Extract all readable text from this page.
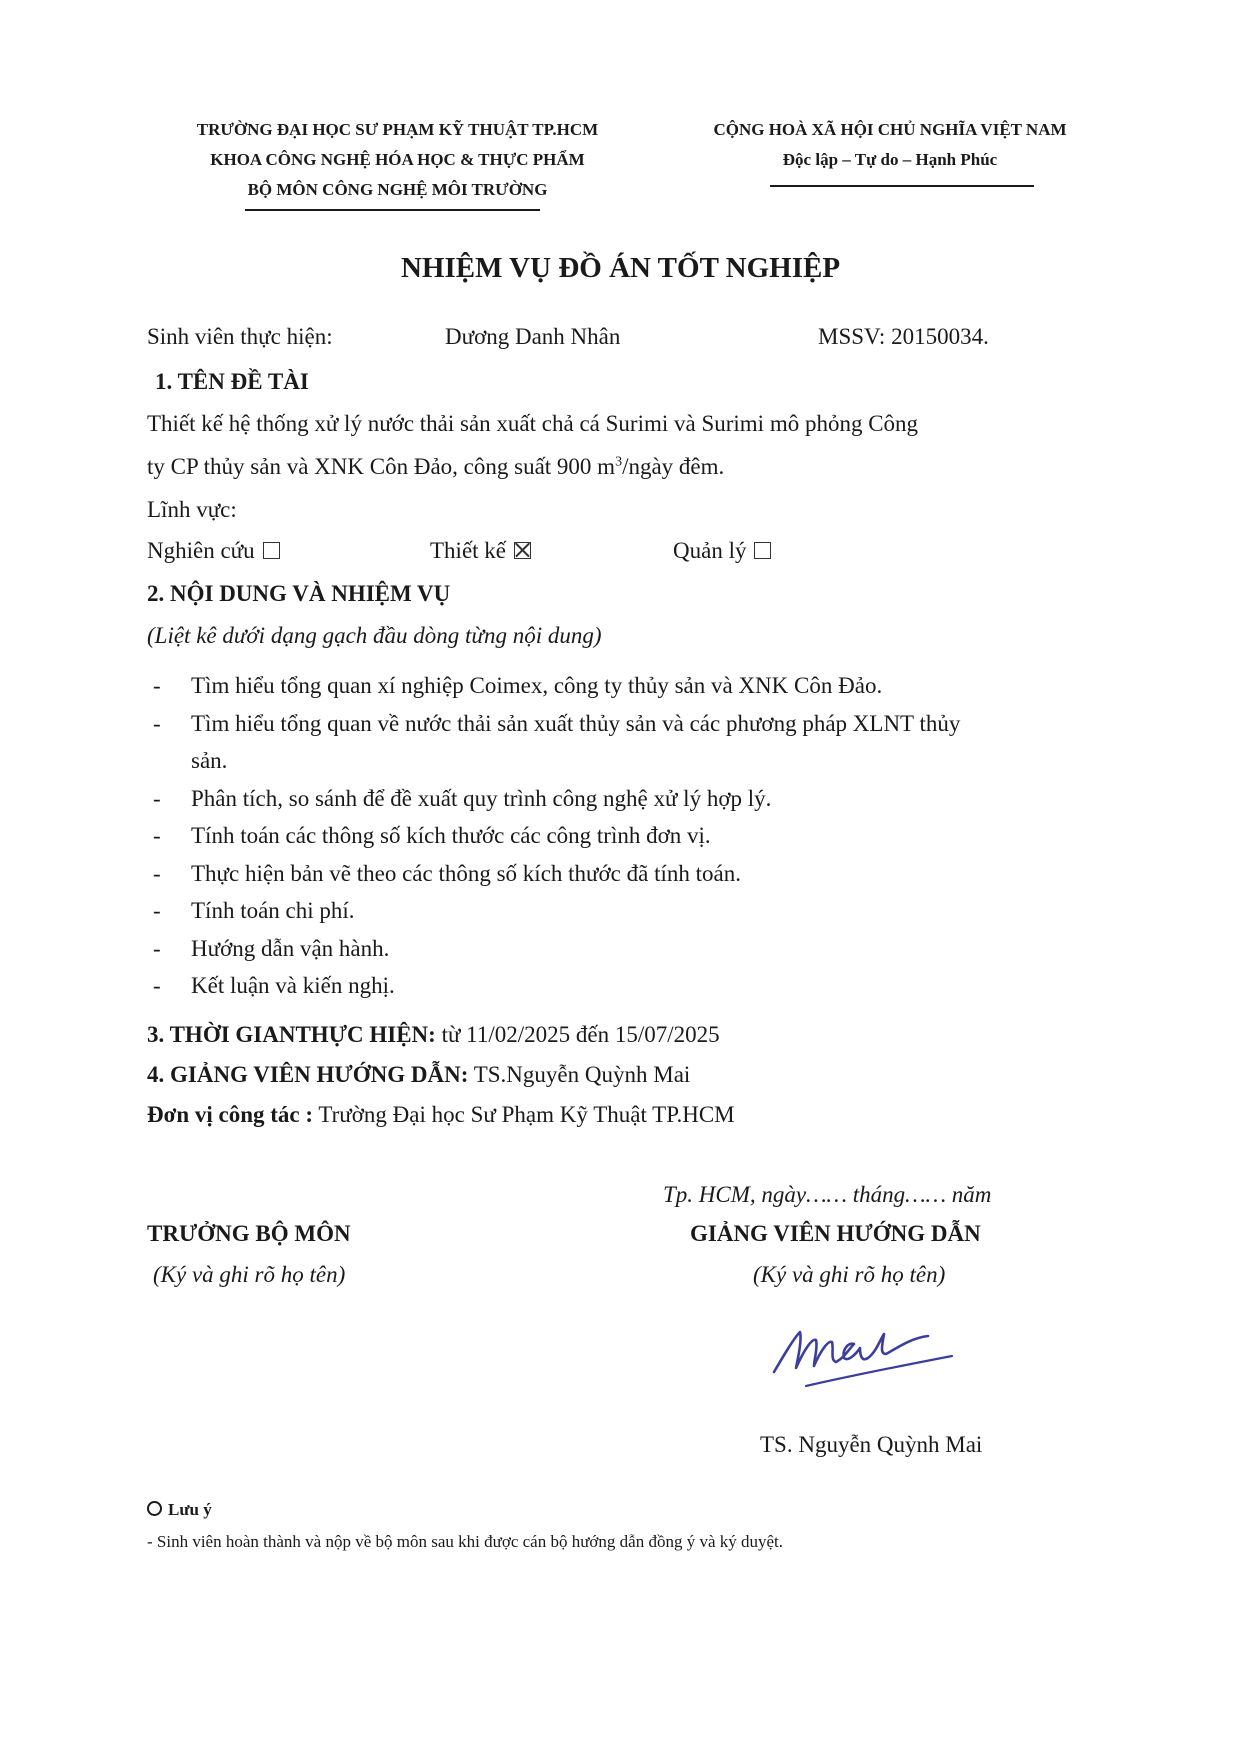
TRƯỜNG ĐẠI HỌC SƯ PHẠM KỸ THUẬT TP.HCM
KHOA CÔNG NGHỆ HÓA HỌC & THỰC PHẨM
BỘ MÔN CÔNG NGHỆ MÔI TRƯỜNG
CỘNG HOÀ XÃ HỘI CHỦ NGHĨA VIỆT NAM
Độc lập – Tự do – Hạnh Phúc
NHIỆM VỤ ĐỒ ÁN TỐT NGHIỆP
Sinh viên thực hiện:	Dương Danh Nhân	MSSV: 20150034.
1. TÊN ĐỀ TÀI
Thiết kế hệ thống xử lý nước thải sản xuất chả cá Surimi và Surimi mô phỏng Công
ty CP thủy sản và XNK Côn Đảo, công suất 900 $m^3$/ngày đêm.
Lĩnh vực:
Nghiên cứu	Thiết kế	Quản lý
2. NỘI DUNG VÀ NHIỆM VỤ
(Liệt kê dưới dạng gạch đầu dòng từng nội dung)
- Tìm hiểu tổng quan xí nghiệp Coimex, công ty thủy sản và XNK Côn Đảo.
- Tìm hiểu tổng quan về nước thải sản xuất thủy sản và các phương pháp XLNT thủy
sản.
- Phân tích, so sánh để đề xuất quy trình công nghệ xử lý hợp lý.
- Tính toán các thông số kích thước các công trình đơn vị.
- Thực hiện bản vẽ theo các thông số kích thước đã tính toán.
- Tính toán chi phí.
- Hướng dẫn vận hành.
- Kết luận và kiến nghị.
3. THỜI GIANTHỰC HIỆN: từ 11/02/2025 đến 15/07/2025
4. GIẢNG VIÊN HƯỚNG DẪN: TS.Nguyễn Quỳnh Mai
Đơn vị công tác : Trường Đại học Sư Phạm Kỹ Thuật TP.HCM
Tp. HCM, ngày…… tháng…… năm
TRƯỞNG BỘ MÔN
(Ký và ghi rõ họ tên)
GIẢNG VIÊN HƯỚNG DẪN
(Ký và ghi rõ họ tên)
TS. Nguyễn Quỳnh Mai
Lưu ý
- Sinh viên hoàn thành và nộp về bộ môn sau khi được cán bộ hướng dẫn đồng ý và ký duyệt.
